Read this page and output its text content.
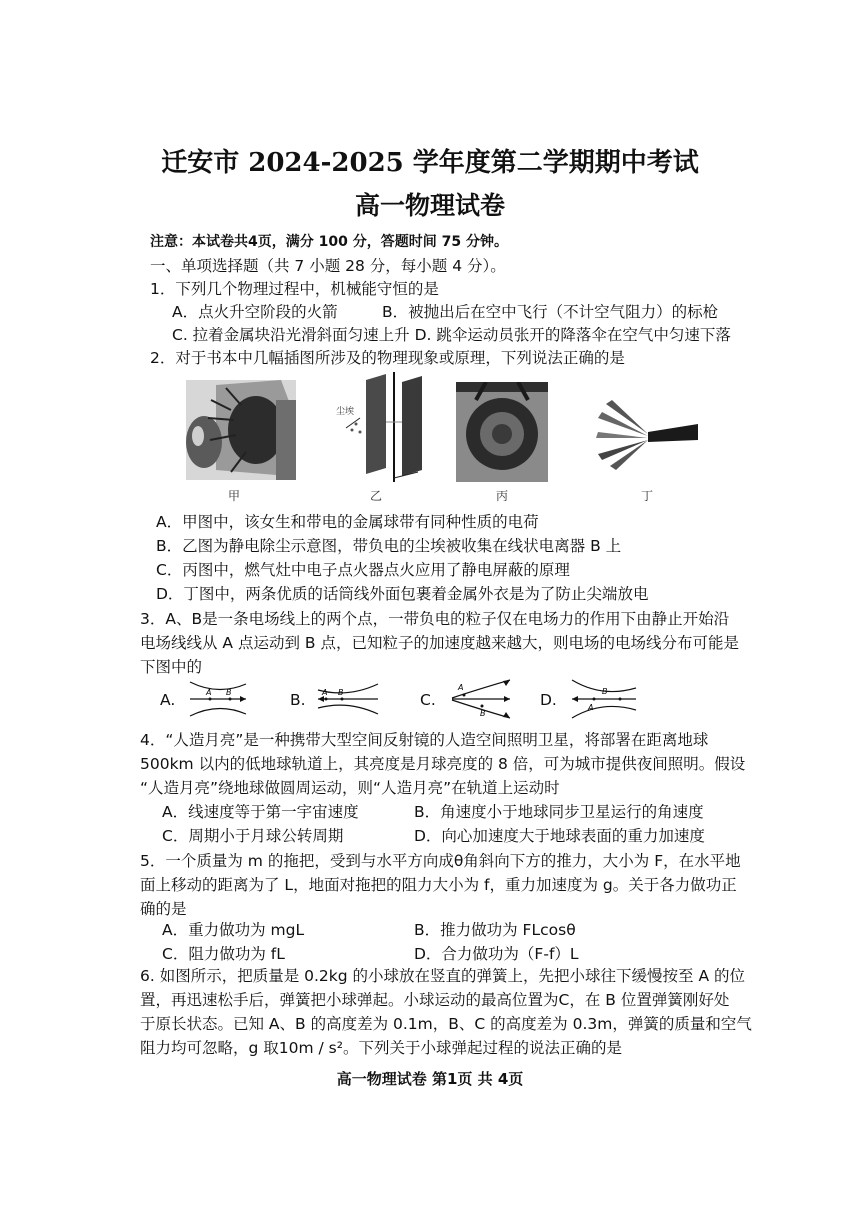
迁安市 2024-2025 学年度第二学期期中考试
高一物理试卷
注意：本试卷共4页，满分 100 分，答题时间 75 分钟。
一、单项选择题（共 7 小题 28 分，每小题 4 分）。
1．下列几个物理过程中，机械能守恒的是
A．点火升空阶段的火箭	B．被抛出后在空中飞行（不计空气阻力）的标枪
C. 拉着金属块沿光滑斜面匀速上升 D. 跳伞运动员张开的降落伞在空气中匀速下落
2．对于书本中几幅插图所涉及的物理现象或原理，下列说法正确的是
甲
尘埃
乙	丙	丁
A．甲图中，该女生和带电的金属球带有同种性质的电荷
B．乙图为静电除尘示意图，带负电的尘埃被收集在线状电离器 B 上
C．丙图中，燃气灶中电子点火器点火应用了静电屏蔽的原理
D．丁图中，两条优质的话筒线外面包裹着金属外衣是为了防止尖端放电
3．A、B是一条电场线上的两个点，一带负电的粒子仅在电场力的作用下由静止开始沿
电场线线从 A 点运动到 B 点，已知粒子的加速度越来越大，则电场的电场线分布可能是
下图中的
A.	A B	B. A B	C.
A
B
D.	B
A
4．“人造月亮”是一种携带大型空间反射镜的人造空间照明卫星，将部署在距离地球
500km 以内的低地球轨道上，其亮度是月球亮度的 8 倍，可为城市提供夜间照明。假设
“人造月亮”绕地球做圆周运动，则“人造月亮”在轨道上运动时
A．线速度等于第一宇宙速度	B．角速度小于地球同步卫星运行的角速度
C．周期小于月球公转周期	D．向心加速度大于地球表面的重力加速度
5．一个质量为 m 的拖把，受到与水平方向成θ角斜向下方的推力，大小为 F，在水平地
面上移动的距离为了 L，地面对拖把的阻力大小为 f，重力加速度为 g。关于各力做功正
确的是
A．重力做功为 mgL	B．推力做功为 FLcosθ
C．阻力做功为 fL	D．合力做功为（F-f）L
6. 如图所示，把质量是 0.2kg 的小球放在竖直的弹簧上，先把小球往下缓慢按至 A 的位
置，再迅速松手后，弹簧把小球弹起。小球运动的最高位置为C，在 B 位置弹簧刚好处
于原长状态。已知 A、B 的高度差为 0.1m，B、C 的高度差为 0.3m，弹簧的质量和空气
阻力均可忽略，g 取10m / s²。下列关于小球弹起过程的说法正确的是
高一物理试卷 第1页 共 4页
